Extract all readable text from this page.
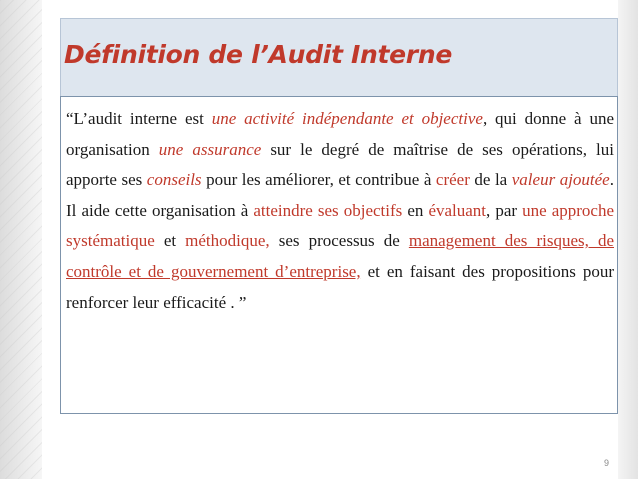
Définition de l’Audit Interne

“L’audit interne est une activité indépendante et objective, qui donne à une organisation une assurance sur le degré de maîtrise de ses opérations, lui apporte ses conseils pour les améliorer, et contribue à créer de la valeur ajoutée. Il aide cette organisation à atteindre ses objectifs en évaluant, par une approche systématique et méthodique, ses processus de management des risques, de contrôle et de gouvernement d’entreprise, et en faisant des propositions pour renforcer leur efficacité . ”

9
